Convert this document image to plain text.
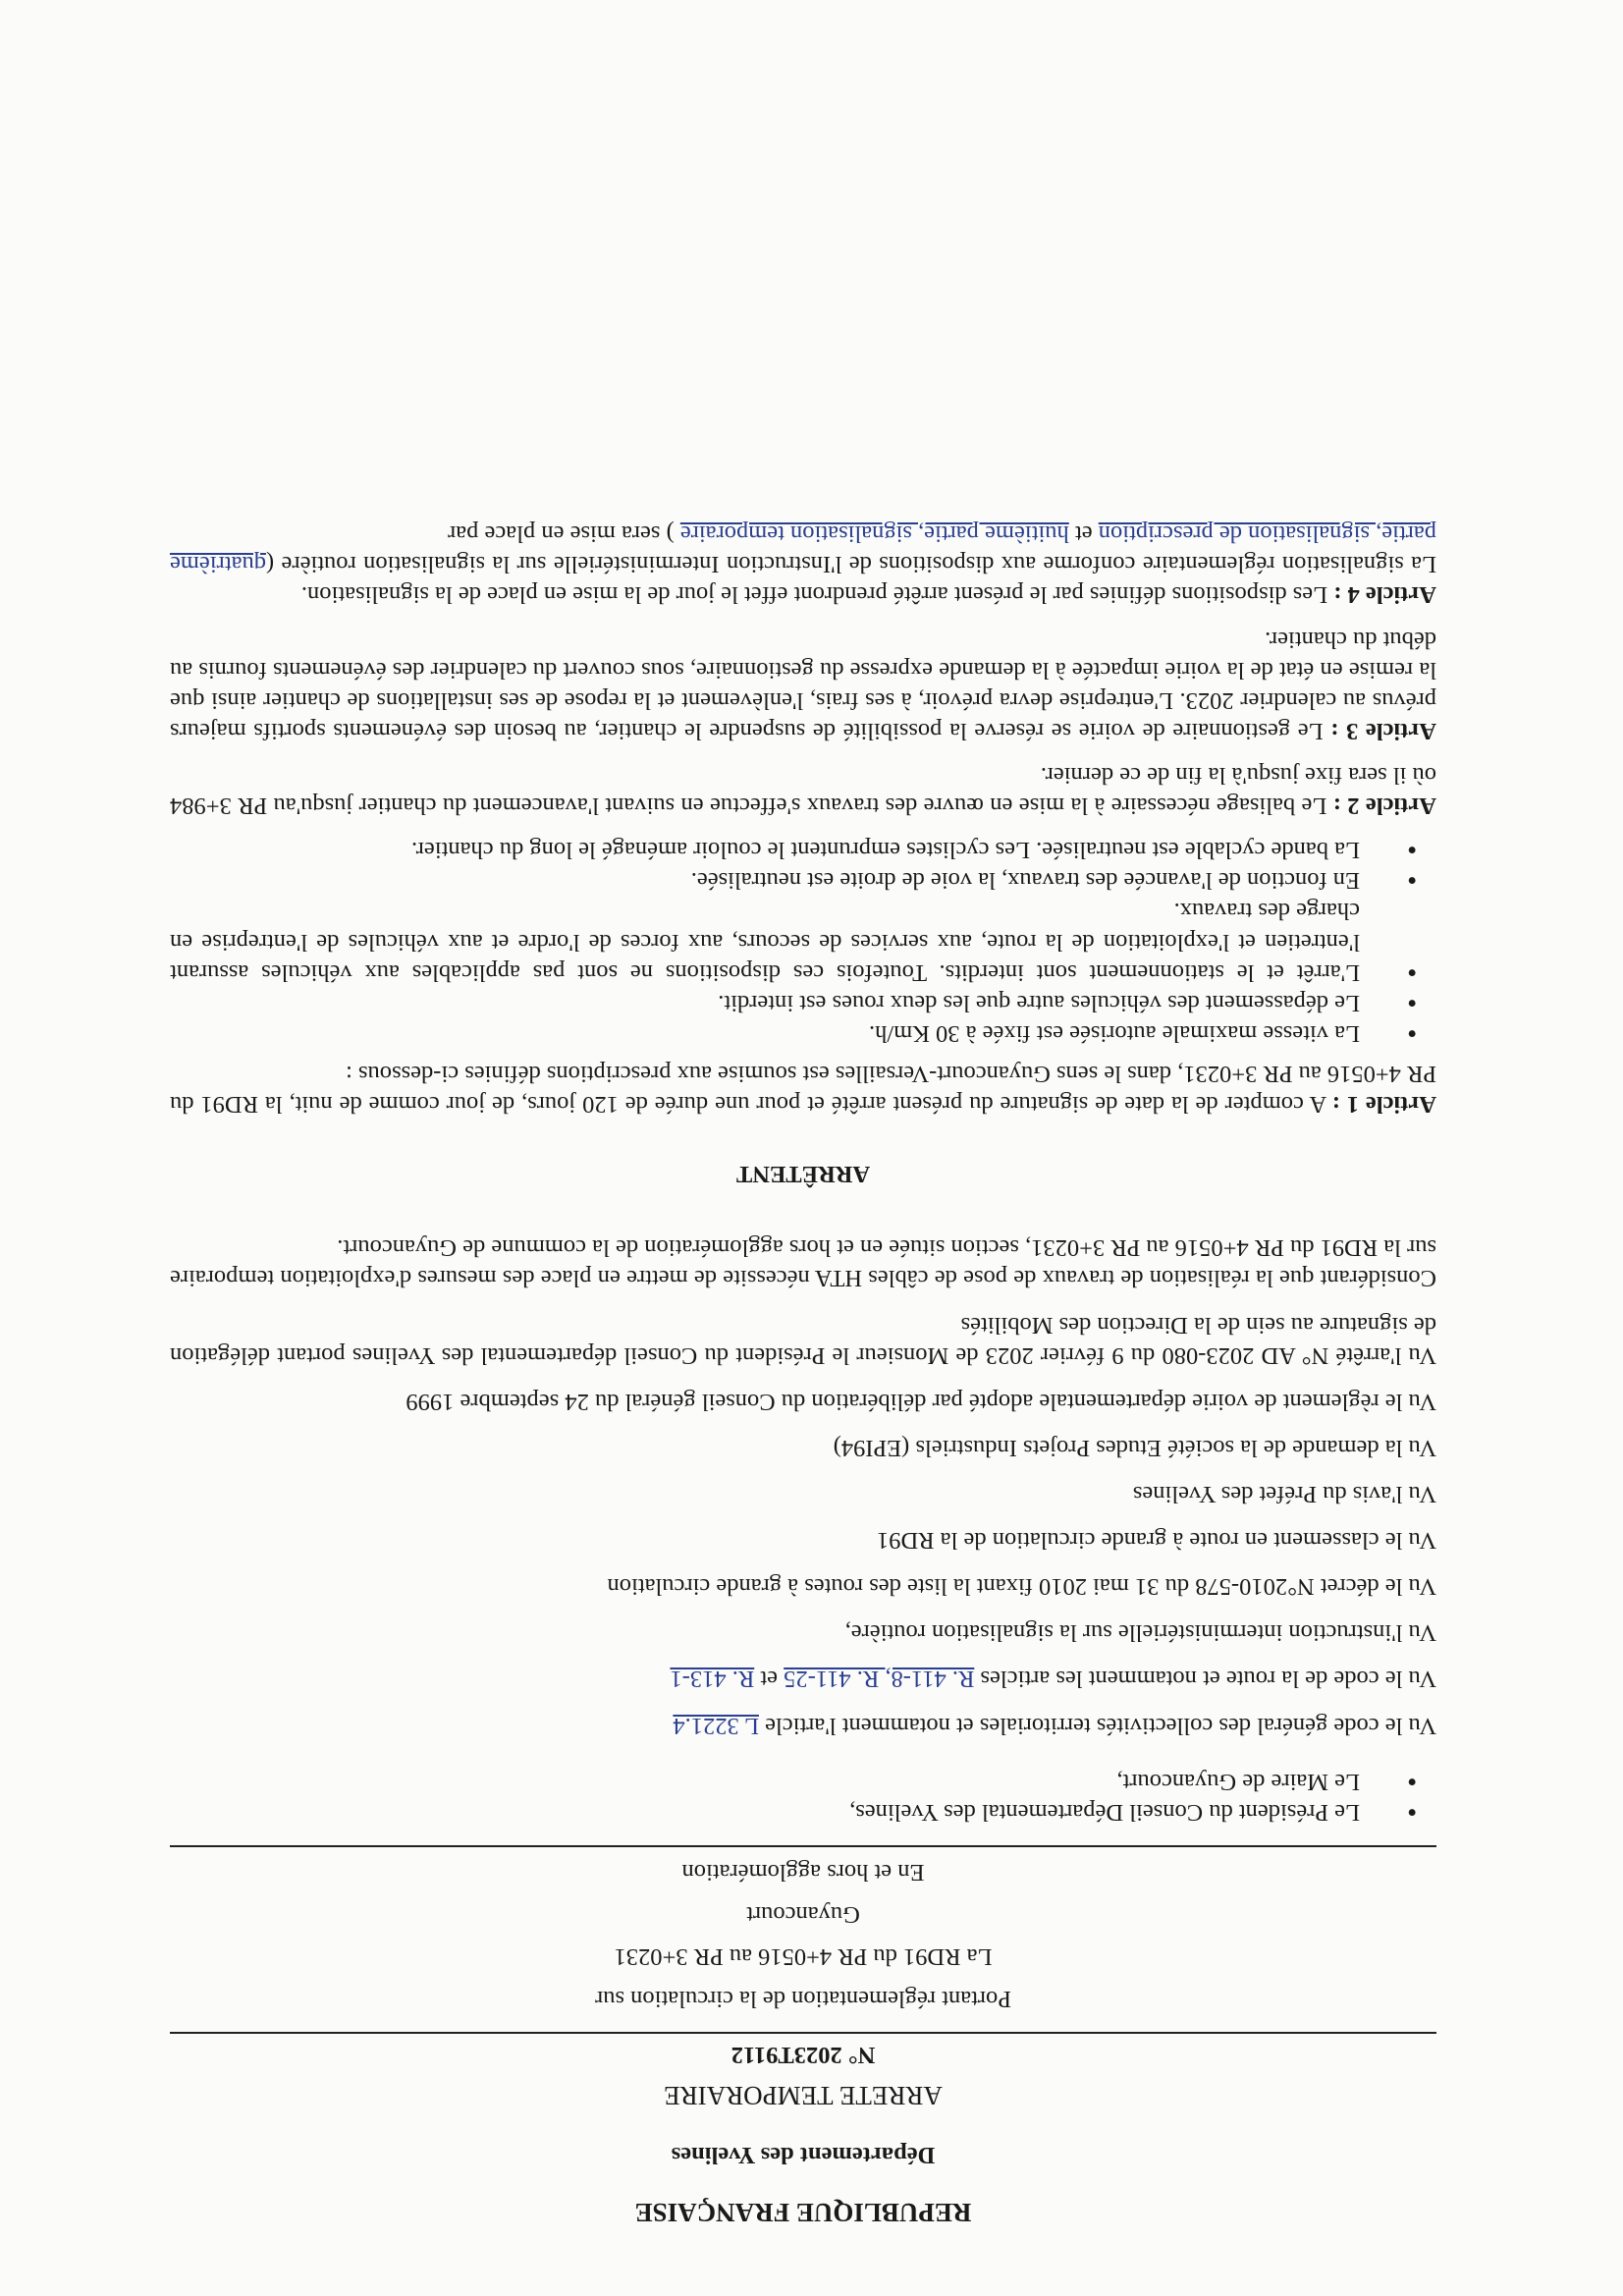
REPUBLIQUE FRANÇAISE

Département des Yvelines

ARRETE TEMPORAIRE

N° 2023T9112

Portant réglementation de la circulation sur

La RD91 du PR 4+0516 au PR 3+0231

Guyancourt

En et hors agglomération

● Le Président du Conseil Départemental des Yvelines,
● Le Maire de Guyancourt,

Vu le code général des collectivités territoriales et notamment l'article L 3221.4

Vu le code de la route et notamment les articles R. 411-8, R. 411-25 et R. 413-1

Vu l'instruction interministérielle sur la signalisation routière,

Vu le décret N°2010-578 du 31 mai 2010 fixant la liste des routes à grande circulation

Vu le classement en route à grande circulation de la RD91

Vu l'avis du Préfet des Yvelines

Vu la demande de la société Etudes Projets Industriels (EPI94)

Vu le règlement de voirie départementale adopté par délibération du Conseil général du 24 septembre 1999

Vu l'arrêté N° AD 2023-080 du 9 février 2023 de Monsieur le Président du Conseil départemental des Yvelines portant délégation de signature au sein de la Direction des Mobilités

Considérant que la réalisation de travaux de pose de câbles HTA nécessite de mettre en place des mesures d'exploitation temporaire sur la RD91 du PR 4+0516 au PR 3+0231, section située en et hors agglomération de la commune de Guyancourt.

ARRÊTENT

Article 1 : A compter de la date de signature du présent arrêté et pour une durée de 120 jours, de jour comme de nuit, la RD91 du PR 4+0516 au PR 3+0231, dans le sens Guyancourt-Versailles est soumise aux prescriptions définies ci-dessous :

● La vitesse maximale autorisée est fixée à 30 Km/h.
● Le dépassement des véhicules autre que les deux roues est interdit.
● L'arrêt et le stationnement sont interdits. Toutefois ces dispositions ne sont pas applicables aux véhicules assurant l'entretien et l'exploitation de la route, aux services de secours, aux forces de l'ordre et aux véhicules de l'entreprise en charge des travaux.
● En fonction de l'avancée des travaux, la voie de droite est neutralisée.
● La bande cyclable est neutralisée. Les cyclistes empruntent le couloir aménagé le long du chantier.

Article 2 : Le balisage nécessaire à la mise en œuvre des travaux s'effectue en suivant l'avancement du chantier jusqu'au PR 3+984 où il sera fixe jusqu'à la fin de ce dernier.

Article 3 : Le gestionnaire de voirie se réserve la possibilité de suspendre le chantier, au besoin des événements sportifs majeurs prévus au calendrier 2023. L'entreprise devra prévoir, à ses frais, l'enlèvement et la repose de ses installations de chantier ainsi que la remise en état de la voirie impactée à la demande expresse du gestionnaire, sous couvert du calendrier des événements fournis au début du chantier.

Article 4 : Les dispositions définies par le présent arrêté prendront effet le jour de la mise en place de la signalisation.

La signalisation réglementaire conforme aux dispositions de l'Instruction Interministérielle sur la signalisation routière (quatrième partie, signalisation de prescription et huitième partie, signalisation temporaire ) sera mise en place par
